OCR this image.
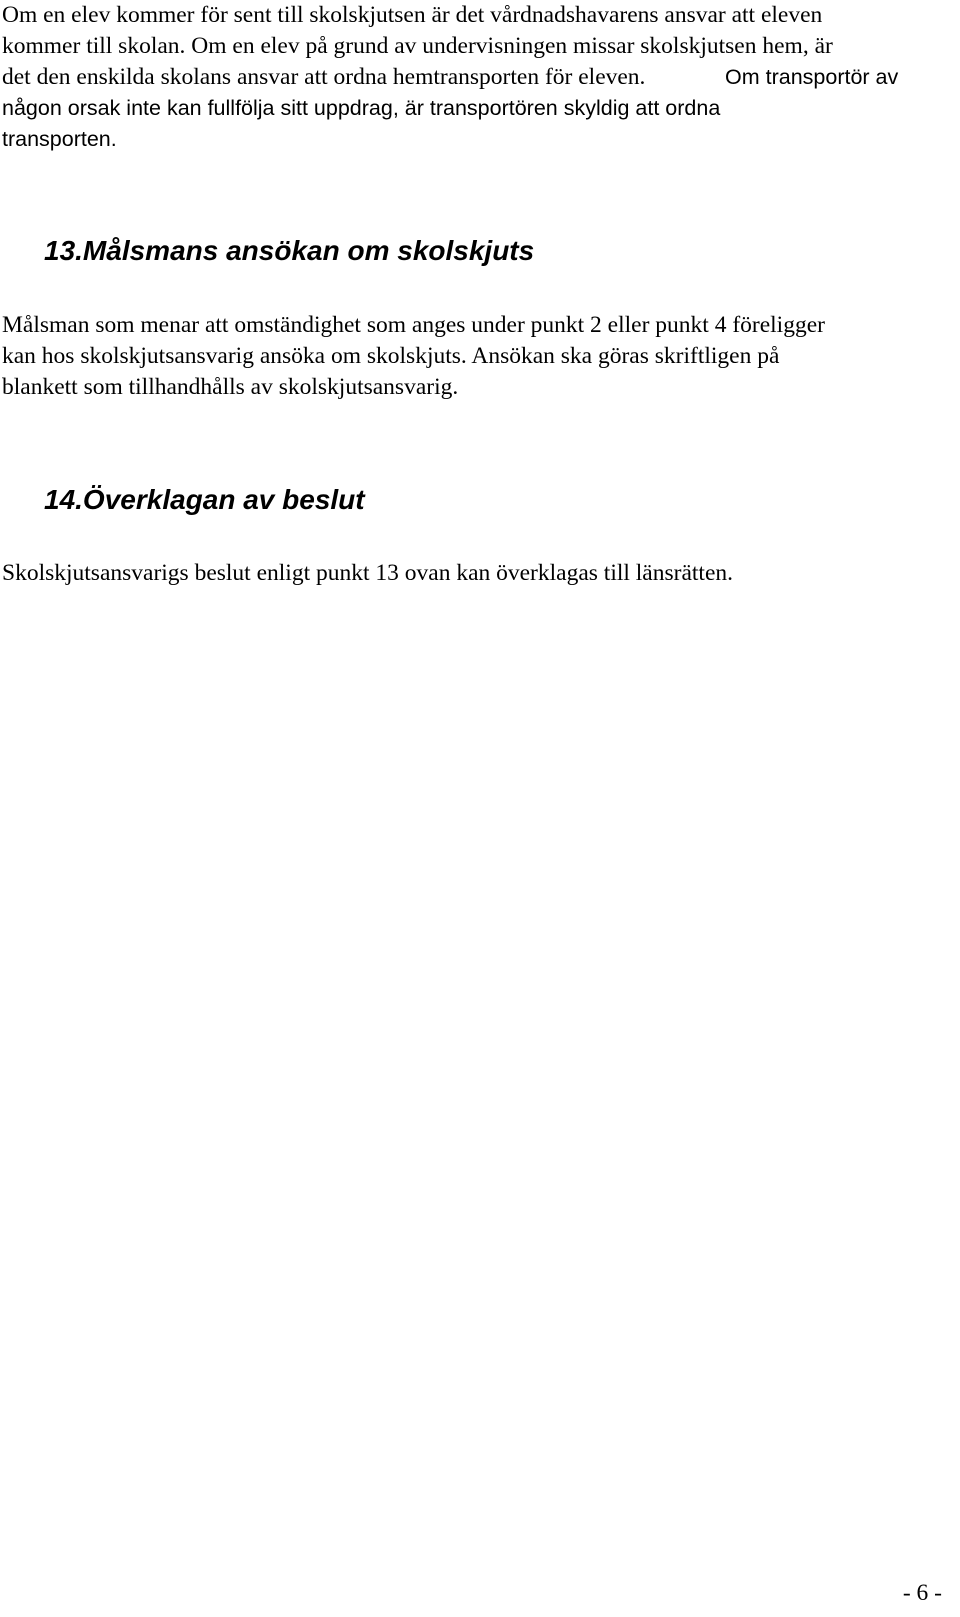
Om en elev kommer för sent till skolskjutsen är det vårdnadshavarens ansvar att eleven
kommer till skolan. Om en elev på grund av undervisningen missar skolskjutsen hem, är
det den enskilda skolans ansvar att ordna hemtransporten för eleven.	Om transportör av

någon orsak inte kan fullfölja sitt uppdrag, är transportören skyldig att ordna
transporten.

13.Målsmans ansökan om skolskjuts

Målsman som menar att omständighet som anges under punkt 2 eller punkt 4 föreligger
kan hos skolskjutsansvarig ansöka om skolskjuts. Ansökan ska göras skriftligen på
blankett som tillhandhålls av skolskjutsansvarig.

14.Överklagan av beslut

Skolskjutsansvarigs beslut enligt punkt 13 ovan kan överklagas till länsrätten.

- 6 -
